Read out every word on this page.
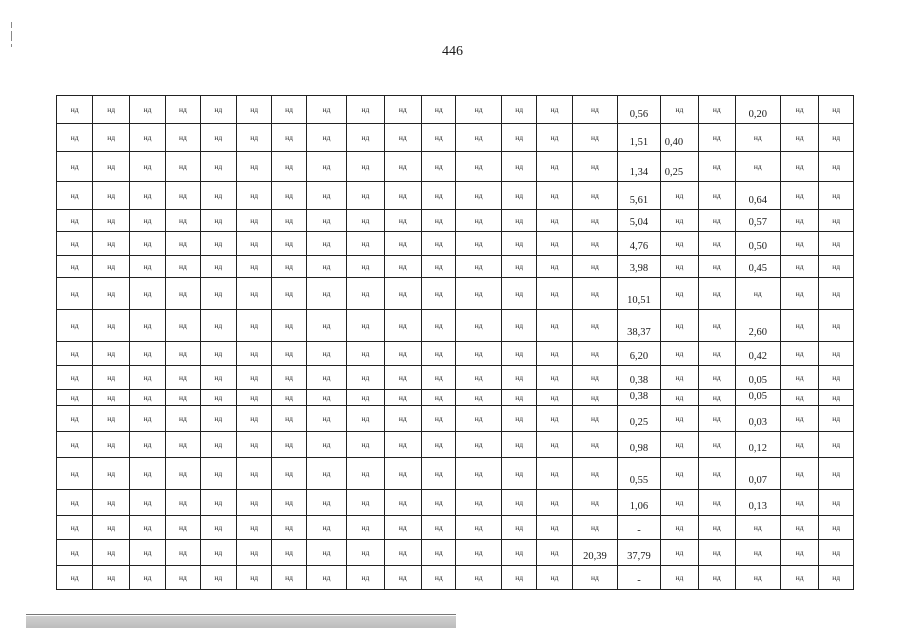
446
нд	нд	нд	нд	нд	нд	нд	нд	нд	нд	нд	нд	нд	нд	нд	0,56	нд	нд	0,20	нд	нд
нд	нд	нд	нд	нд	нд	нд	нд	нд	нд	нд	нд	нд	нд	нд	1,51	0,40	нд	нд	нд	нд
нд	нд	нд	нд	нд	нд	нд	нд	нд	нд	нд	нд	нд	нд	нд	1,34	0,25	нд	нд	нд	нд
нд	нд	нд	нд	нд	нд	нд	нд	нд	нд	нд	нд	нд	нд	нд	5,61	нд	нд	0,64	нд	нд
нд	нд	нд	нд	нд	нд	нд	нд	нд	нд	нд	нд	нд	нд	нд	5,04	нд	нд	0,57	нд	нд
нд	нд	нд	нд	нд	нд	нд	нд	нд	нд	нд	нд	нд	нд	нд	4,76	нд	нд	0,50	нд	нд
нд	нд	нд	нд	нд	нд	нд	нд	нд	нд	нд	нд	нд	нд	нд	3,98	нд	нд	0,45	нд	нд
нд	нд	нд	нд	нд	нд	нд	нд	нд	нд	нд	нд	нд	нд	нд	10,51	нд	нд	нд	нд	нд
нд	нд	нд	нд	нд	нд	нд	нд	нд	нд	нд	нд	нд	нд	нд	38,37	нд	нд	2,60	нд	нд
нд	нд	нд	нд	нд	нд	нд	нд	нд	нд	нд	нд	нд	нд	нд	6,20	нд	нд	0,42	нд	нд
нд	нд	нд	нд	нд	нд	нд	нд	нд	нд	нд	нд	нд	нд	нд	0,38	нд	нд	0,05	нд	нд
нд	нд	нд	нд	нд	нд	нд	нд	нд	нд	нд	нд	нд	нд	нд	0,38	нд	нд	0,05	нд	нд
нд	нд	нд	нд	нд	нд	нд	нд	нд	нд	нд	нд	нд	нд	нд	0,25	нд	нд	0,03	нд	нд
нд	нд	нд	нд	нд	нд	нд	нд	нд	нд	нд	нд	нд	нд	нд	0,98	нд	нд	0,12	нд	нд
нд	нд	нд	нд	нд	нд	нд	нд	нд	нд	нд	нд	нд	нд	нд	0,55	нд	нд	0,07	нд	нд
нд	нд	нд	нд	нд	нд	нд	нд	нд	нд	нд	нд	нд	нд	нд	1,06	нд	нд	0,13	нд	нд
нд	нд	нд	нд	нд	нд	нд	нд	нд	нд	нд	нд	нд	нд	нд	-	нд	нд	нд	нд	нд
нд	нд	нд	нд	нд	нд	нд	нд	нд	нд	нд	нд	нд	нд	20,39	37,79	нд	нд	нд	нд	нд
нд	нд	нд	нд	нд	нд	нд	нд	нд	нд	нд	нд	нд	нд	нд	-	нд	нд	нд	нд	нд
